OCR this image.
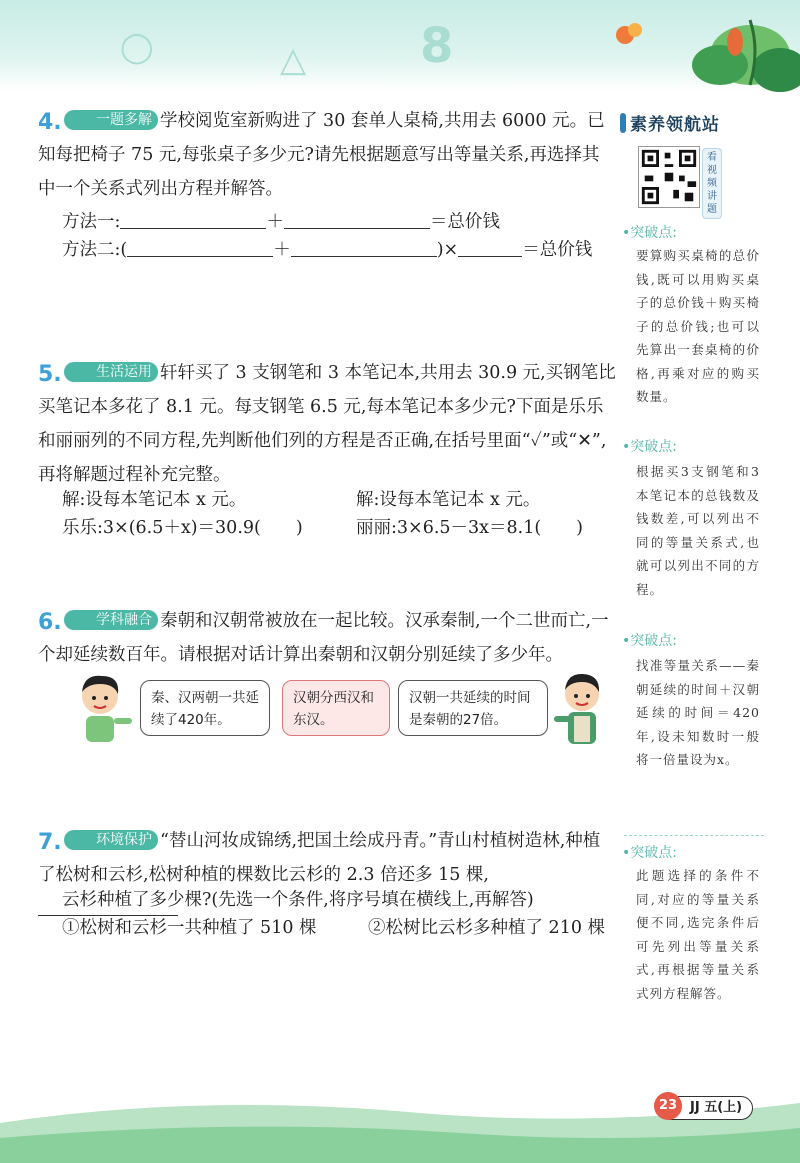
◯	△ 8
素养领航站
看视频讲题
•突破点:
要算购买桌椅的总价钱,既可以用购买桌子的总价钱＋购买椅子的总价钱;也可以先算出一套桌椅的价格,再乘对应的购买数量。
•突破点:
根据买3支钢笔和3本笔记本的总钱数及钱数差,可以列出不同的等量关系式,也就可以列出不同的方程。
•突破点:
找准等量关系——秦朝延续的时间＋汉朝延续的时间＝420年,设未知数时一般将一倍量设为x。
•突破点:
此题选择的条件不同,对应的等量关系便不同,选完条件后可先列出等量关系式,再根据等量关系式列方程解答。
4.	一题多解 学校阅览室新购进了 30 套单人桌椅,共用去 6000 元。已知每把椅子 75 元,每张桌子多少元?请先根据题意写出等量关系,再选择其中一个关系式列出方程并解答。
方法一:	＋	＝总价钱
方法二:(	＋	)×	＝总价钱
5.	生活运用 轩轩买了 3 支钢笔和 3 本笔记本,共用去 30.9 元,买钢笔比买笔记本多花了 8.1 元。每支钢笔 6.5 元,每本笔记本多少元?下面是乐乐和丽丽列的不同方程,先判断他们列的方程是否正确,在括号里面“✓”或“✕”,再将解题过程补充完整。
解:设每本笔记本 x 元。	解:设每本笔记本 x 元。
乐乐:3×(6.5＋x)＝30.9(　　)	丽丽:3×6.5－3x＝8.1(　　)
6.	学科融合 秦朝和汉朝常被放在一起比较。汉承秦制,一个二世而亡,一个却延续数百年。请根据对话计算出秦朝和汉朝分别延续了多少年。
秦、汉两朝一共延续了420年。
汉朝分西汉和东汉。
汉朝一共延续的时间是秦朝的27倍。
7.	环境保护 “替山河妆成锦绣,把国土绘成丹青。”青山村植树造林,种植了松树和云杉,松树种植的棵数比云杉的 2.3 倍还多 15 棵,
云杉种植了多少棵?(先选一个条件,将序号填在横线上,再解答)
①松树和云杉一共种植了 510 棵	②松树比云杉多种植了 210 棵
JJ 五(上)
23
